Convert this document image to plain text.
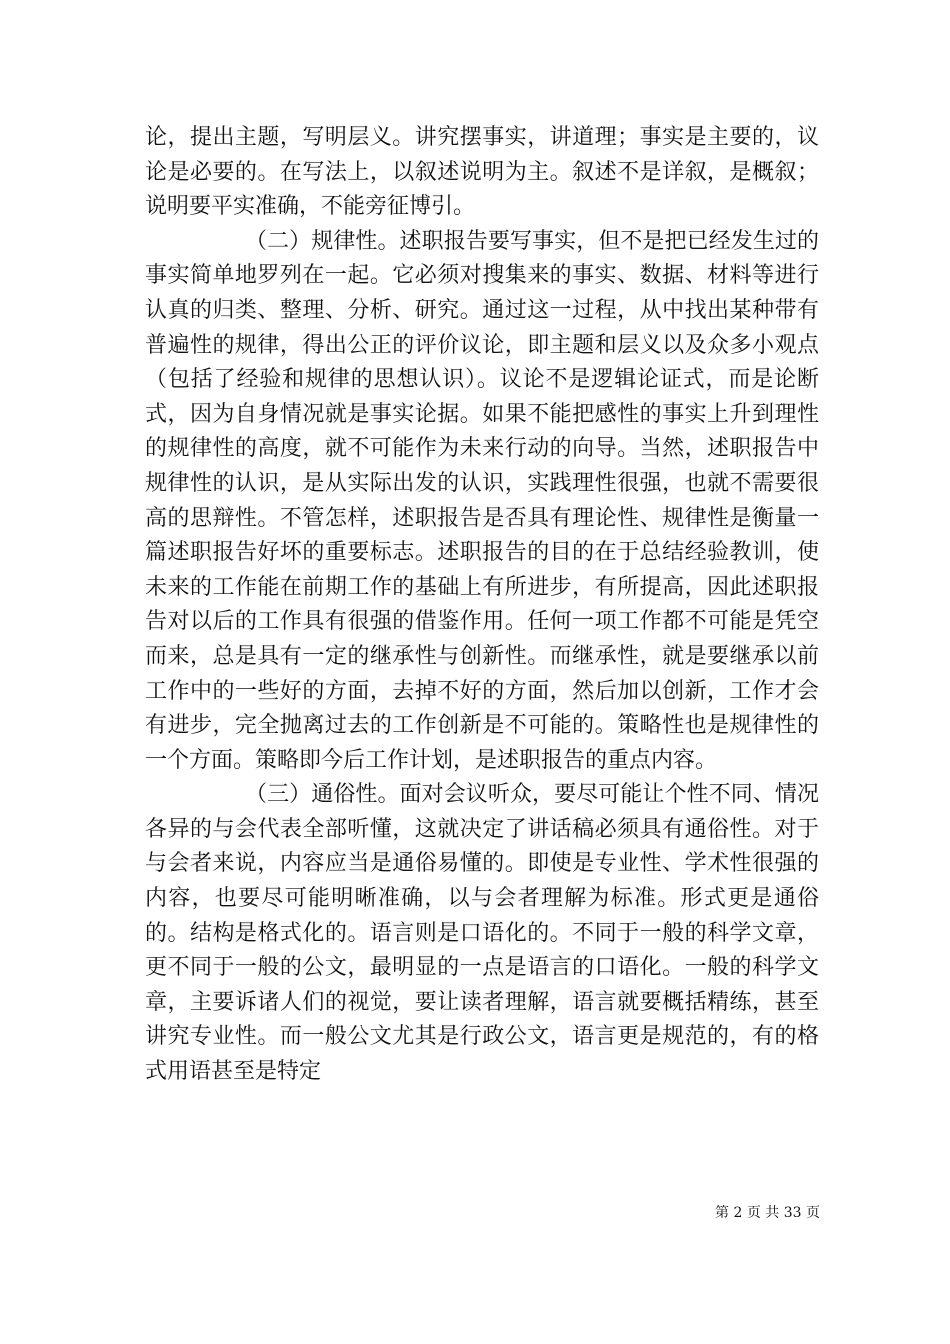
论，提出主题，写明层义。讲究摆事实，讲道理；事实是主要的，议论是必要的。在写法上，以叙述说明为主。叙述不是详叙，是概叙；说明要平实准确，不能旁征博引。

（二）规律性。述职报告要写事实，但不是把已经发生过的事实简单地罗列在一起。它必须对搜集来的事实、数据、材料等进行认真的归类、整理、分析、研究。通过这一过程，从中找出某种带有普遍性的规律，得出公正的评价议论，即主题和层义以及众多小观点（包括了经验和规律的思想认识）。议论不是逻辑论证式，而是论断式，因为自身情况就是事实论据。如果不能把感性的事实上升到理性的规律性的高度，就不可能作为未来行动的向导。当然，述职报告中规律性的认识，是从实际出发的认识，实践理性很强，也就不需要很高的思辩性。不管怎样，述职报告是否具有理论性、规律性是衡量一篇述职报告好坏的重要标志。述职报告的目的在于总结经验教训，使未来的工作能在前期工作的基础上有所进步，有所提高，因此述职报告对以后的工作具有很强的借鉴作用。任何一项工作都不可能是凭空而来，总是具有一定的继承性与创新性。而继承性，就是要继承以前工作中的一些好的方面，去掉不好的方面，然后加以创新，工作才会有进步，完全抛离过去的工作创新是不可能的。策略性也是规律性的一个方面。策略即今后工作计划，是述职报告的重点内容。

（三）通俗性。面对会议听众，要尽可能让个性不同、情况各异的与会代表全部听懂，这就决定了讲话稿必须具有通俗性。对于与会者来说，内容应当是通俗易懂的。即使是专业性、学术性很强的内容，也要尽可能明晰准确，以与会者理解为标准。形式更是通俗的。结构是格式化的。语言则是口语化的。不同于一般的科学文章，更不同于一般的公文，最明显的一点是语言的口语化。一般的科学文章，主要诉诸人们的视觉，要让读者理解，语言就要概括精练，甚至讲究专业性。而一般公文尤其是行政公文，语言更是规范的，有的格式用语甚至是特定

第 2 页 共 33 页
